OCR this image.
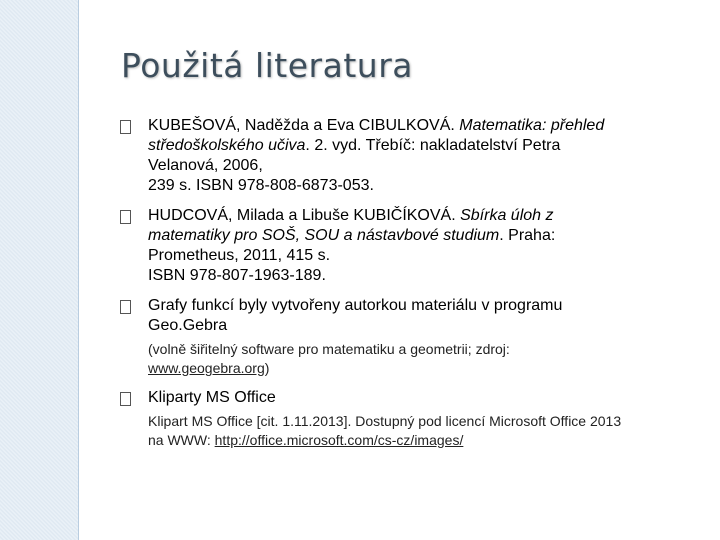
Použitá literatura

KUBEŠOVÁ, Naděžda a Eva CIBULKOVÁ. Matematika: přehled
středoškolského učiva. 2. vyd. Třebíč: nakladatelství Petra
Velanová, 2006,
239 s. ISBN 978-808-6873-053.

HUDCOVÁ, Milada a Libuše KUBIČÍKOVÁ. Sbírka úloh z
matematiky pro SOŠ, SOU a nástavbové studium. Praha:
Prometheus, 2011, 415 s.
ISBN 978-807-1963-189.

Grafy funkcí byly vytvořeny autorkou materiálu v programu
Geo.Gebra

(volně šiřitelný software pro matematiku a geometrii; zdroj:
www.geogebra.org)

Kliparty MS Office

Klipart MS Office [cit. 1.11.2013]. Dostupný pod licencí Microsoft Office 2013
na WWW: http://office.microsoft.com/cs-cz/images/
